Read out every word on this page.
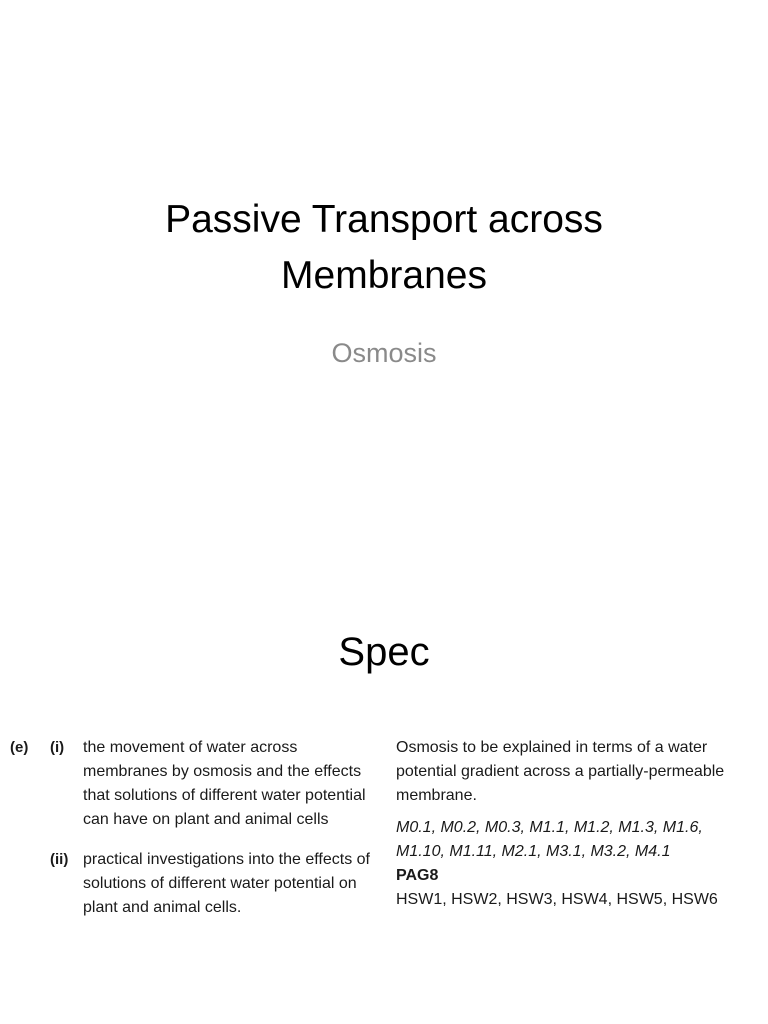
Passive Transport across
Membranes
Osmosis
Spec
(e) (i) the movement of water across membranes by osmosis and the effects that solutions of different water potential can have on plant and animal cells
(ii) practical investigations into the effects of solutions of different water potential on plant and animal cells.

Osmosis to be explained in terms of a water potential gradient across a partially-permeable membrane.

M0.1, M0.2, M0.3, M1.1, M1.2, M1.3, M1.6, M1.10, M1.11, M2.1, M3.1, M3.2, M4.1

PAG8

HSW1, HSW2, HSW3, HSW4, HSW5, HSW6
